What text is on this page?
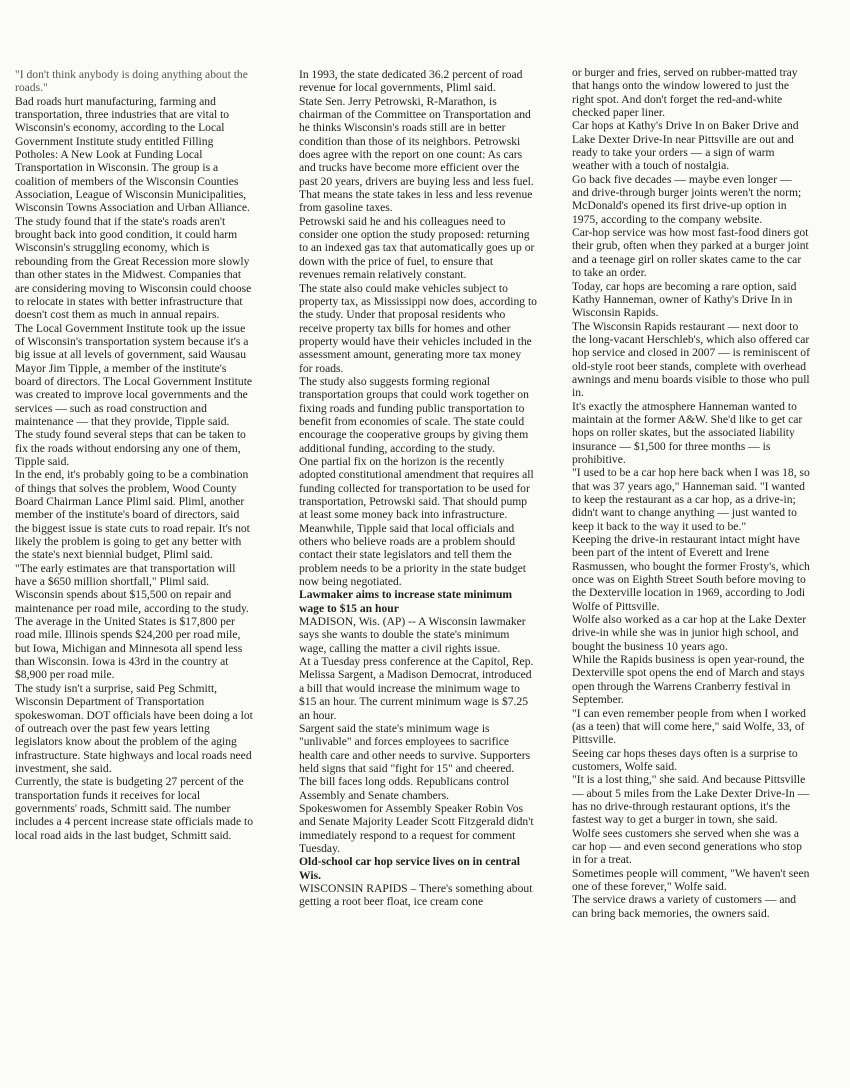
"I don't think anybody is doing anything about the roads."

Bad roads hurt manufacturing, farming and transportation, three industries that are vital to Wisconsin's economy, according to the Local Government Institute study entitled Filling Potholes: A New Look at Funding Local Transportation in Wisconsin. The group is a coalition of members of the Wisconsin Counties Association, League of Wisconsin Municipalities, Wisconsin Towns Association and Urban Alliance.

The study found that if the state's roads aren't brought back into good condition, it could harm Wisconsin's struggling economy, which is rebounding from the Great Recession more slowly than other states in the Midwest. Companies that are considering moving to Wisconsin could choose to relocate in states with better infrastructure that doesn't cost them as much in annual repairs.

The Local Government Institute took up the issue of Wisconsin's transportation system because it's a big issue at all levels of government, said Wausau Mayor Jim Tipple, a member of the institute's board of directors. The Local Government Institute was created to improve local governments and the services — such as road construction and maintenance — that they provide, Tipple said.

The study found several steps that can be taken to fix the roads without endorsing any one of them, Tipple said.

In the end, it's probably going to be a combination of things that solves the problem, Wood County Board Chairman Lance Pliml said. Pliml, another member of the institute's board of directors, said the biggest issue is state cuts to road repair. It's not likely the problem is going to get any better with the state's next biennial budget, Pliml said.

"The early estimates are that transportation will have a $650 million shortfall," Pliml said.

Wisconsin spends about $15,500 on repair and maintenance per road mile, according to the study. The average in the United States is $17,800 per road mile. Illinois spends $24,200 per road mile, but Iowa, Michigan and Minnesota all spend less than Wisconsin. Iowa is 43rd in the country at $8,900 per road mile.

The study isn't a surprise, said Peg Schmitt, Wisconsin Department of Transportation spokeswoman. DOT officials have been doing a lot of outreach over the past few years letting legislators know about the problem of the aging infrastructure. State highways and local roads need investment, she said.

Currently, the state is budgeting 27 percent of the transportation funds it receives for local governments' roads, Schmitt said. The number includes a 4 percent increase state officials made to local road aids in the last budget, Schmitt said.

In 1993, the state dedicated 36.2 percent of road revenue for local governments, Pliml said.

State Sen. Jerry Petrowski, R-Marathon, is chairman of the Committee on Transportation and he thinks Wisconsin's roads still are in better condition than those of its neighbors. Petrowski does agree with the report on one count: As cars and trucks have become more efficient over the past 20 years, drivers are buying less and less fuel. That means the state takes in less and less revenue from gasoline taxes.

Petrowski said he and his colleagues need to consider one option the study proposed: returning to an indexed gas tax that automatically goes up or down with the price of fuel, to ensure that revenues remain relatively constant.

The state also could make vehicles subject to property tax, as Mississippi now does, according to the study. Under that proposal residents who receive property tax bills for homes and other property would have their vehicles included in the assessment amount, generating more tax money for roads.

The study also suggests forming regional transportation groups that could work together on fixing roads and funding public transportation to benefit from economies of scale. The state could encourage the cooperative groups by giving them additional funding, according to the study.

One partial fix on the horizon is the recently adopted constitutional amendment that requires all funding collected for transportation to be used for transportation, Petrowski said. That should pump at least some money back into infrastructure.

Meanwhile, Tipple said that local officials and others who believe roads are a problem should contact their state legislators and tell them the problem needs to be a priority in the state budget now being negotiated.

Lawmaker aims to increase state minimum wage to $15 an hour

MADISON, Wis. (AP) -- A Wisconsin lawmaker says she wants to double the state's minimum wage, calling the matter a civil rights issue.

At a Tuesday press conference at the Capitol, Rep. Melissa Sargent, a Madison Democrat, introduced a bill that would increase the minimum wage to $15 an hour. The current minimum wage is $7.25 an hour.

Sargent said the state's minimum wage is "unlivable" and forces employees to sacrifice health care and other needs to survive. Supporters held signs that said "fight for 15" and cheered.

The bill faces long odds. Republicans control Assembly and Senate chambers.

Spokeswomen for Assembly Speaker Robin Vos and Senate Majority Leader Scott Fitzgerald didn't immediately respond to a request for comment Tuesday.

Old-school car hop service lives on in central Wis.

WISCONSIN RAPIDS – There's something about getting a root beer float, ice cream cone

or burger and fries, served on rubber-matted tray that hangs onto the window lowered to just the right spot. And don't forget the red-and-white checked paper liner.

Car hops at Kathy's Drive In on Baker Drive and Lake Dexter Drive-In near Pittsville are out and ready to take your orders — a sign of warm weather with a touch of nostalgia.

Go back five decades — maybe even longer — and drive-through burger joints weren't the norm; McDonald's opened its first drive-up option in 1975, according to the company website.

Car-hop service was how most fast-food diners got their grub, often when they parked at a burger joint and a teenage girl on roller skates came to the car to take an order.

Today, car hops are becoming a rare option, said Kathy Hanneman, owner of Kathy's Drive In in Wisconsin Rapids.

The Wisconsin Rapids restaurant — next door to the long-vacant Herschleb's, which also offered car hop service and closed in 2007 — is reminiscent of old-style root beer stands, complete with overhead awnings and menu boards visible to those who pull in.

It's exactly the atmosphere Hanneman wanted to maintain at the former A&W. She'd like to get car hops on roller skates, but the associated liability insurance — $1,500 for three months — is prohibitive.

"I used to be a car hop here back when I was 18, so that was 37 years ago," Hanneman said. "I wanted to keep the restaurant as a car hop, as a drive-in; didn't want to change anything — just wanted to keep it back to the way it used to be."

Keeping the drive-in restaurant intact might have been part of the intent of Everett and Irene Rasmussen, who bought the former Frosty's, which once was on Eighth Street South before moving to the Dexterville location in 1969, according to Jodi Wolfe of Pittsville.

Wolfe also worked as a car hop at the Lake Dexter drive-in while she was in junior high school, and bought the business 10 years ago.

While the Rapids business is open year-round, the Dexterville spot opens the end of March and stays open through the Warrens Cranberry festival in September.

"I can even remember people from when I worked (as a teen) that will come here," said Wolfe, 33, of Pittsville.

Seeing car hops theses days often is a surprise to customers, Wolfe said.

"It is a lost thing," she said. And because Pittsville — about 5 miles from the Lake Dexter Drive-In — has no drive-through restaurant options, it's the fastest way to get a burger in town, she said.

Wolfe sees customers she served when she was a car hop — and even second generations who stop in for a treat.

Sometimes people will comment, "We haven't seen one of these forever," Wolfe said.

The service draws a variety of customers — and can bring back memories, the owners said.
